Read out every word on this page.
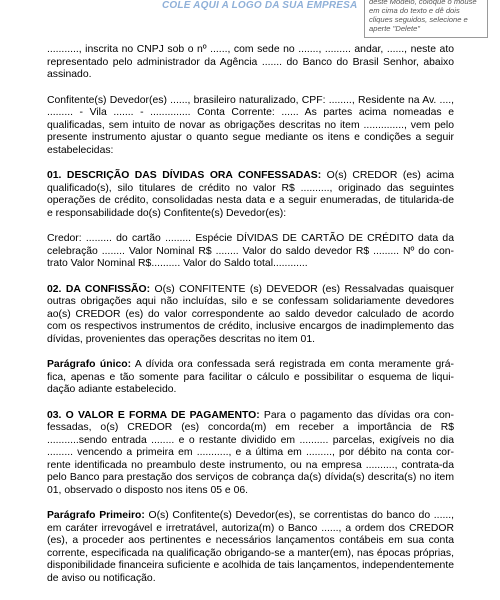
COLE AQUI A LOGO DA SUA EMPRESA	deste Modelo, coloque o mouse em cima do texto e dê dois cliques seguidos, selecione e aperte "Delete"

..........., inscrita no CNPJ sob o nº ......, com sede no ......., ......... andar, ......, neste ato representado pelo administrador da Agência ....... do Banco do Brasil Senhor, abaixo assinado.

Confitente(s) Devedor(es) ......, brasileiro naturalizado, CPF: ........, Residente na Av. ...., ......... - Vila ....... - .............. Conta Corrente: ...... As partes acima nomeadas e qualificadas, sem intuito de novar as obrigações descritas no item .............., vem pelo presente instrumento ajustar o quanto segue mediante os itens e condições a seguir estabelecidas:

01. DESCRIÇÃO DAS DÍVIDAS ORA CONFESSADAS: O(s) CREDOR (es) acima qualificado(s), silo titulares de crédito no valor R$ .........., originado das seguintes operações de crédito, consolidadas nesta data e a seguir enumeradas, de titularida-de e responsabilidade do(s) Confitente(s) Devedor(es):

Credor: ......... do cartão ......... Espécie DÍVIDAS DE CARTÃO DE CRÉDITO data da celebração ........ Valor Nominal R$ ........ Valor do saldo devedor R$ ......... Nº do con-trato Valor Nominal R$.......... Valor do Saldo total............

02. DA CONFISSÃO: O(s) CONFITENTE (s) DEVEDOR (es) Ressalvadas quaisquer outras obrigações aqui não incluídas, silo e se confessam solidariamente devedores ao(s) CREDOR (es) do valor correspondente ao saldo devedor calculado de acordo com os respectivos instrumentos de crédito, inclusive encargos de inadimplemento das dívidas, provenientes das operações descritas no item 01.

Parágrafo único: A dívida ora confessada será registrada em conta meramente grá-fica, apenas e tão somente para facilitar o cálculo e possibilitar o esquema de liqui-dação adiante estabelecido.

03. O VALOR E FORMA DE PAGAMENTO: Para o pagamento das dívidas ora con-fessadas, o(s) CREDOR (es) concorda(m) em receber a importância de R$ ...........sendo entrada ........ e o restante dividido em .......... parcelas, exigíveis no dia ......... vencendo a primeira em ..........., e a última em ........., por débito na conta cor-rente identificada no preambulo deste instrumento, ou na empresa .........., contrata-da pelo Banco para prestação dos serviços de cobrança da(s) dívida(s) descrita(s) no item 01, observado o disposto nos itens 05 e 06.

Parágrafo Primeiro: O(s) Confitente(s) Devedor(es), se correntistas do banco do ......, em caráter irrevogável e irretratável, autoriza(m) o Banco ......, a ordem dos CREDOR (es), a proceder aos pertinentes e necessários lançamentos contábeis em sua conta corrente, especificada na qualificação obrigando-se a manter(em), nas épocas próprias, disponibilidade financeira suficiente e acolhida de tais lançamentos, independentemente de aviso ou notificação.
